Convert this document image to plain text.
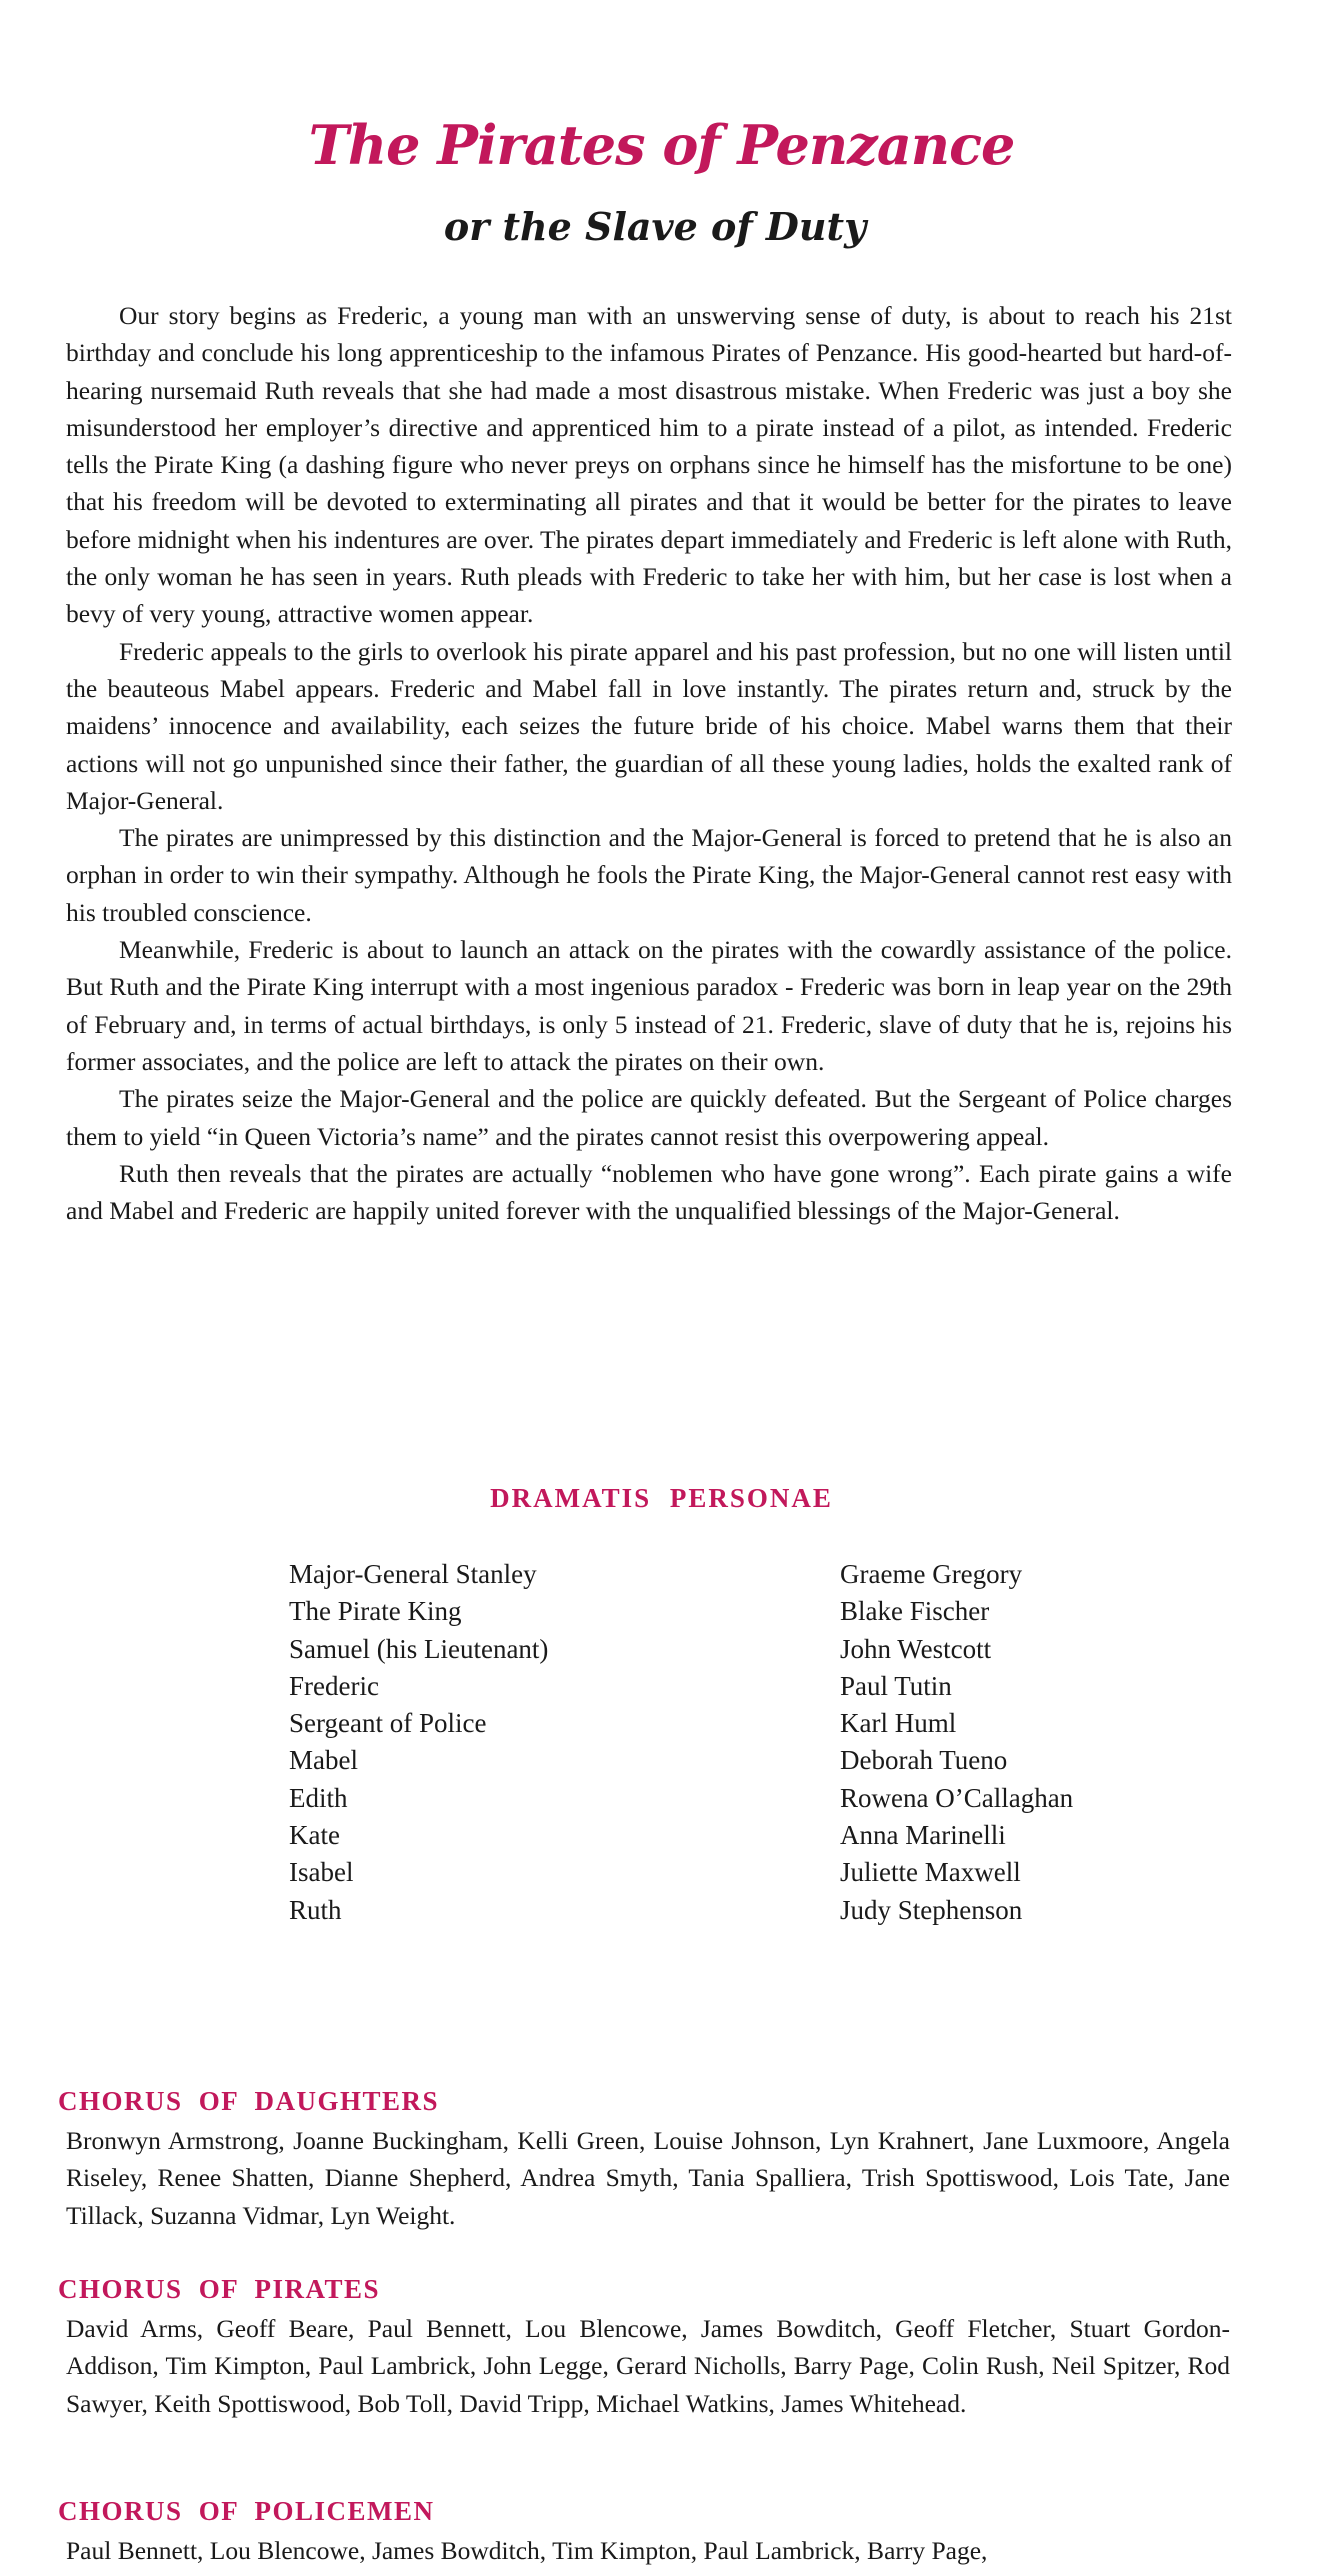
The Pirates of Penzance
or the Slave of Duty

Our story begins as Frederic, a young man with an unswerving sense of duty, is about to reach his 21st birthday and conclude his long apprenticeship to the infamous Pirates of Penzance. His good-hearted but hard-of-hearing nursemaid Ruth reveals that she had made a most disastrous mistake. When Frederic was just a boy she misunderstood her employer’s directive and apprenticed him to a pirate instead of a pilot, as intended. Frederic tells the Pirate King (a dashing figure who never preys on orphans since he himself has the misfortune to be one) that his freedom will be devoted to exterminating all pirates and that it would be better for the pirates to leave before midnight when his indentures are over. The pirates depart immediately and Frederic is left alone with Ruth, the only woman he has seen in years. Ruth pleads with Frederic to take her with him, but her case is lost when a bevy of very young, attractive women appear.

Frederic appeals to the girls to overlook his pirate apparel and his past profession, but no one will listen until the beauteous Mabel appears. Frederic and Mabel fall in love instantly. The pirates return and, struck by the maidens’ innocence and availability, each seizes the future bride of his choice. Mabel warns them that their actions will not go unpunished since their father, the guardian of all these young ladies, holds the exalted rank of Major-General.

The pirates are unimpressed by this distinction and the Major-General is forced to pretend that he is also an orphan in order to win their sympathy. Although he fools the Pirate King, the Major-General cannot rest easy with his troubled conscience.

Meanwhile, Frederic is about to launch an attack on the pirates with the cowardly assistance of the police. But Ruth and the Pirate King interrupt with a most ingenious paradox - Frederic was born in leap year on the 29th of February and, in terms of actual birthdays, is only 5 instead of 21. Frederic, slave of duty that he is, rejoins his former associates, and the police are left to attack the pirates on their own.

The pirates seize the Major-General and the police are quickly defeated. But the Sergeant of Police charges them to yield “in Queen Victoria’s name” and the pirates cannot resist this overpowering appeal.

Ruth then reveals that the pirates are actually “noblemen who have gone wrong”. Each pirate gains a wife and Mabel and Frederic are happily united forever with the unqualified blessings of the Major-General.

DRAMATIS PERSONAE
Major-General Stanley	Graeme Gregory
The Pirate King	Blake Fischer
Samuel (his Lieutenant)	John Westcott
Frederic	Paul Tutin
Sergeant of Police	Karl Huml
Mabel	Deborah Tueno
Edith	Rowena O’Callaghan
Kate	Anna Marinelli
Isabel	Juliette Maxwell
Ruth	Judy Stephenson
CHORUS OF DAUGHTERS
Bronwyn Armstrong, Joanne Buckingham, Kelli Green, Louise Johnson, Lyn Krahnert, Jane Luxmoore, Angela Riseley, Renee Shatten, Dianne Shepherd, Andrea Smyth, Tania Spalliera, Trish Spottiswood, Lois Tate, Jane Tillack, Suzanna Vidmar, Lyn Weight.
CHORUS OF PIRATES
David Arms, Geoff Beare, Paul Bennett, Lou Blencowe, James Bowditch, Geoff Fletcher, Stuart Gordon-Addison, Tim Kimpton, Paul Lambrick, John Legge, Gerard Nicholls, Barry Page, Colin Rush, Neil Spitzer, Rod Sawyer, Keith Spottiswood, Bob Toll, David Tripp, Michael Watkins, James Whitehead.
CHORUS OF POLICEMEN
Paul Bennett, Lou Blencowe, James Bowditch, Tim Kimpton, Paul Lambrick, Barry Page,
